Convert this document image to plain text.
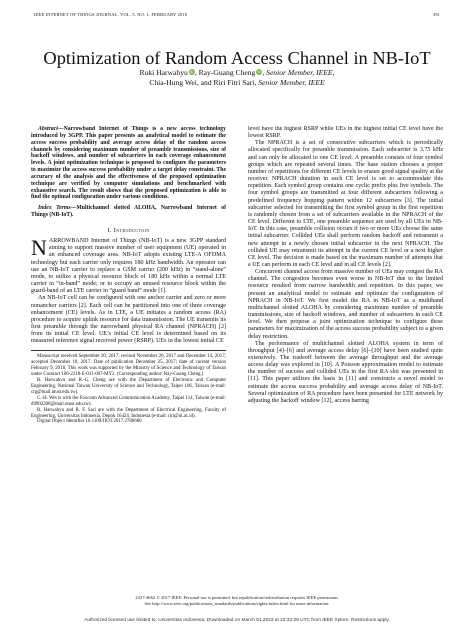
IEEE INTERNET OF THINGS JOURNAL, VOL. 5, NO. 1, FEBRUARY 2018	391
Optimization of Random Access Channel in NB-IoT
Ruki Harwahyu iD, Ray-Guang Cheng iD, Senior Member, IEEE,
Chia-Hung Wei, and Riri Fitri Sari, Senior Member, IEEE

Abstract—Narrowband Internet of Things is a new access technology introduced by 3GPP. This paper presents an analytical model to estimate the access success probability and average access delay of the random access channels by considering maximum number of preamble transmissions, size of backoff windows, and number of subcarriers in each coverage enhancement levels. A joint optimization technique is proposed to configure the parameters to maximize the access success probability under a target delay constraint. The accuracy of the analysis and the effectiveness of the proposed optimization technique are verified by computer simulations and benchmarked with exhaustive search. The result shows that the proposed optimization is able to find the optimal configuration under various conditions.

Index Terms—Multichannel slotted ALOHA, Narrowband Internet of Things (NB-IoT).

I. Introduction

NARROWBAND Internet of Things (NB-IoT) is a new 3GPP standard aiming to support massive number of user equipment (UE) operated in an enhanced coverage area. NB-IoT adopts existing LTE-A OFDMA technology but each carrier only requires 180 kHz bandwidth. An operator can use an NB-IoT carrier to replace a GSM carrier (200 kHz) in “stand-alone” mode, to utilize a physical resource block of 180 kHz within a normal LTE carrier in “in-band” mode; or to occupy an unused resource block within the guard-band of an LTE carrier in “guard band” mode [1].

An NB-IoT cell can be configured with one anchor carrier and zero or more nonanchor carriers [2]. Each cell can be partitioned into one of three coverage enhancement (CE) levels. As in LTE, a UE initiates a random access (RA) procedure to acquire uplink resource for data transmission. The UE transmits its first preamble through the narrowband physical RA channel (NPRACH) [2] from its initial CE level. UE’s initial CE level is determined based on its measured reference signal received power (RSRP). UEs in the lowest initial CE

Manuscript received September 20, 2017; revised November 26, 2017 and December 14, 2017; accepted December 18, 2017. Date of publication December 25, 2017; date of current version February 9, 2018. This work was supported by the Ministry of Science and Technology of Taiwan under Contract 106-2218-E-011-007-MY2. (Corresponding author: Ray-Guang Cheng.)

R. Harwahyu and R.-G. Cheng are with the Department of Electronic and Computer Engineering, National Taiwan University of Science and Technology, Taipei 106, Taiwan (e-mail: crg@mail.ntust.edu.tw).

C.-H. Wei is with the Foxconn Advanced Communication Academy, Taipei 114, Taiwan (e-mail: d9902208@mail.ntust.edu.tw).

R. Harwahyu and R. F. Sari are with the Department of Electrical Engineering, Faculty of Engineering, Universitas Indonesia, Depok 16424, Indonesia (e-mail: riri@ui.ac.id).

Digital Object Identifier 10.1109/JIOT.2017.2786680

level have the highest RSRP while UEs in the highest initial CE level have the lowest RSRP.

The NPRACH is a set of consecutive subcarriers which is periodically allocated specifically for preamble transmission. Each subcarrier is 3.75 kHz and can only be allocated to one CE level. A preamble consists of four symbol groups which are repeated several times. The base station chooses a proper number of repetitions for different CE levels to ensure good signal quality at the receiver. NPRACH duration in each CE level is set to accommodate this repetition. Each symbol group contains one cyclic prefix plus five symbols. The four symbol groups are transmitted at four different subcarriers following a predefined frequency hopping pattern within 12 subcarriers [3]. The initial subcarrier selected for transmitting the first symbol group in the first repetition is randomly chosen from a set of subcarriers available in the NPRACH of the CE level. Different to LTE, one preamble sequence are used by all UEs in NB-IoT. In this case, preamble collision occurs if two or more UEs choose the same initial subcarrier. Collided UEs shall perform random backoff and retransmit a new attempt in a newly chosen initial subcarrier in the next NPRACH. The collided UE may retransmit its attempt in the current CE level or a next higher CE level. The decision is made based on the maximum number of attempts that a UE can perform in each CE level and in all CE levels [2].

Concurrent channel access from massive number of UEs may congest the RA channel. The congestion becomes even worse in NB-IoT due to the limited resource resulted from narrow bandwidth and repetition. In this paper, we present an analytical model to estimate and optimize the configuration of NPRACH in NB-IoT. We first model the RA in NB-IoT as a multiband multichannel slotted ALOHA by considering maximum number of preamble transmissions, size of backoff windows, and number of subcarriers in each CE level. We then propose a joint optimization technique to configure these parameters for maximization of the access success probability subject to a given delay restriction.

The performance of multichannel slotted ALOHA system in term of throughput [4]–[6] and average access delay [6]–[10] have been studied quite extensively. The tradeoff between the average throughput and the average access delay was explored in [10]. A Poisson approximation model to estimate the number of success and collided UEs in the first RA slot was presented in [11]. This paper utilizes the basis in [11] and constructs a novel model to estimate the access success probability and average access delay of NB-IoT. Several optimization of RA procedure have been presented for LTE network by adjusting the backoff window [12], access barring

2327-4662 © 2017 IEEE. Personal use is permitted, but republication/redistribution requires IEEE permission.
See http://www.ieee.org/publications_standards/publications/rights/index.html for more information.
Authorized licensed use limited to: Universitas Indonesia. Downloaded on March 01,2023 at 23:32:29 UTC from IEEE Xplore. Restrictions apply.
